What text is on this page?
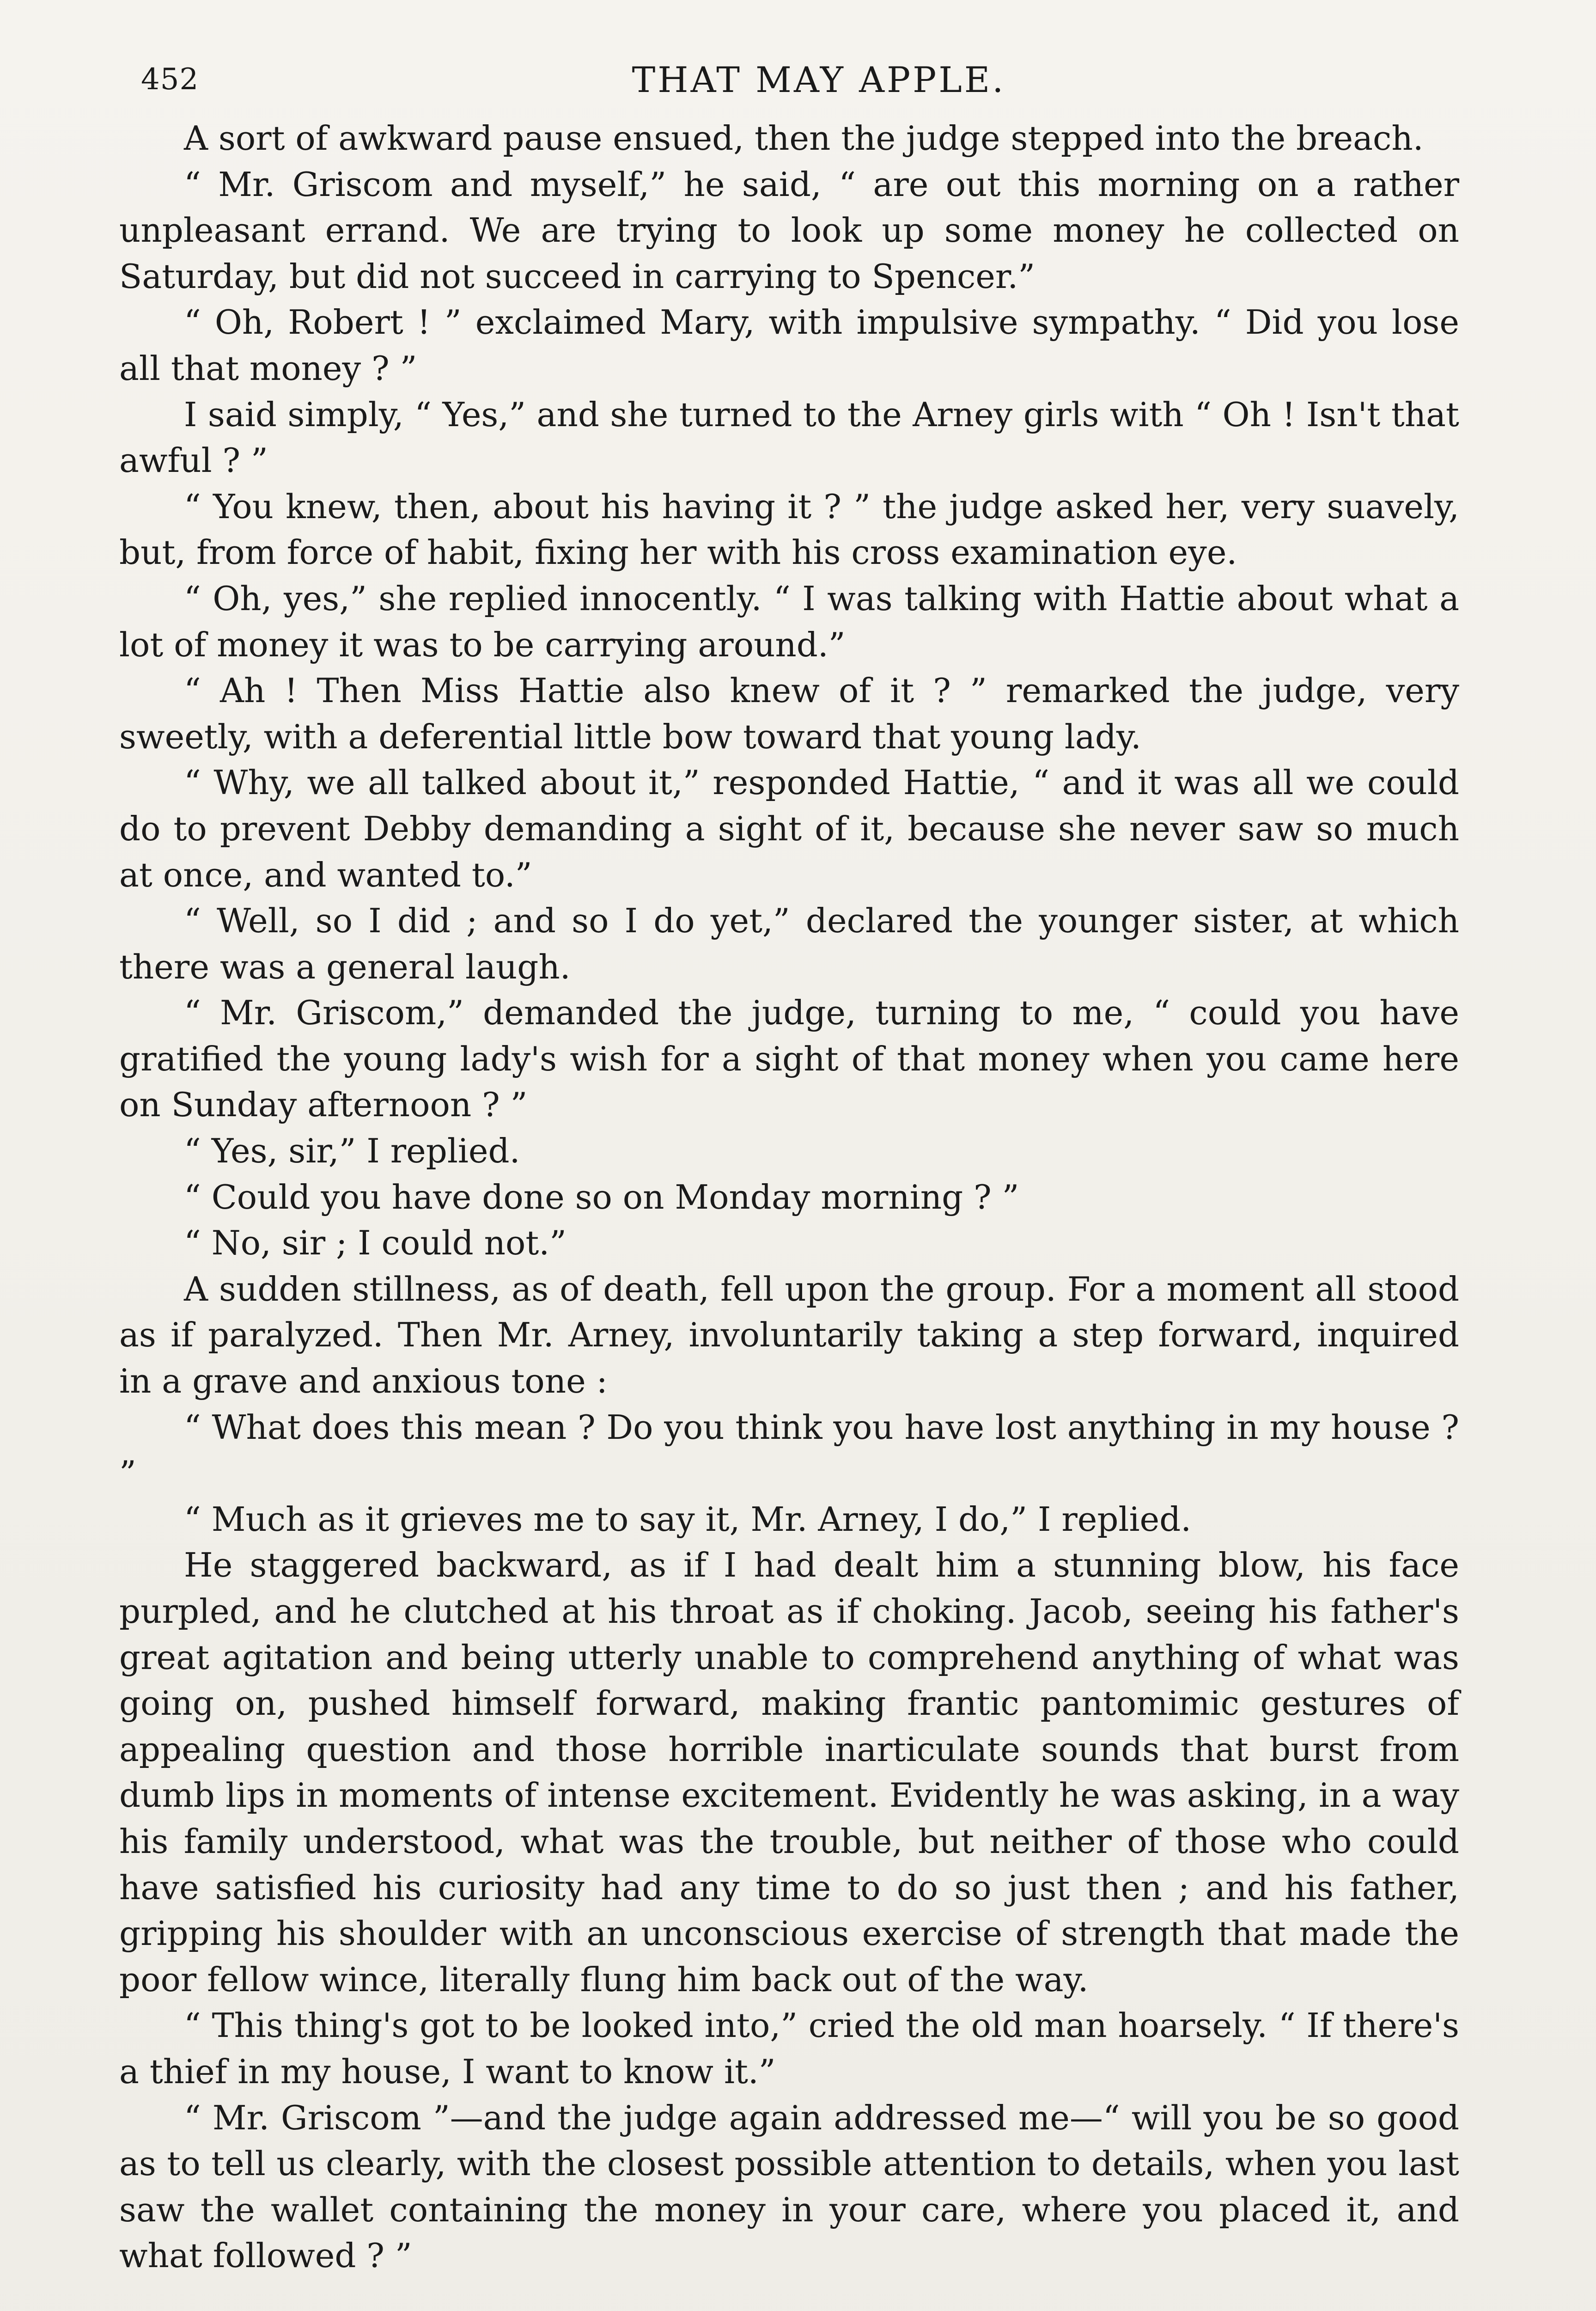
452	THAT MAY APPLE.

A sort of awkward pause ensued, then the judge stepped into the breach.

“ Mr. Griscom and myself,” he said, “ are out this morning on a rather unpleasant errand. We are trying to look up some money he collected on Saturday, but did not succeed in carrying to Spencer.”

“ Oh, Robert ! ” exclaimed Mary, with impulsive sympathy. “ Did you lose all that money ? ”

I said simply, “ Yes,” and she turned to the Arney girls with “ Oh ! Isn't that awful ? ”

“ You knew, then, about his having it ? ” the judge asked her, very suavely, but, from force of habit, fixing her with his cross examination eye.

“ Oh, yes,” she replied innocently. “ I was talking with Hattie about what a lot of money it was to be carrying around.”

“ Ah ! Then Miss Hattie also knew of it ? ” remarked the judge, very sweetly, with a deferential little bow toward that young lady.

“ Why, we all talked about it,” responded Hattie, “ and it was all we could do to prevent Debby demanding a sight of it, because she never saw so much at once, and wanted to.”

“ Well, so I did ; and so I do yet,” declared the younger sister, at which there was a general laugh.

“ Mr. Griscom,” demanded the judge, turning to me, “ could you have gratified the young lady's wish for a sight of that money when you came here on Sunday afternoon ? ”

“ Yes, sir,” I replied.

“ Could you have done so on Monday morning ? ”

“ No, sir ; I could not.”

A sudden stillness, as of death, fell upon the group. For a moment all stood as if paralyzed. Then Mr. Arney, involuntarily taking a step forward, inquired in a grave and anxious tone :

“ What does this mean ? Do you think you have lost anything in my house ? ”

“ Much as it grieves me to say it, Mr. Arney, I do,” I replied.

He staggered backward, as if I had dealt him a stunning blow, his face purpled, and he clutched at his throat as if choking. Jacob, seeing his father's great agitation and being utterly unable to comprehend anything of what was going on, pushed himself forward, making frantic pantomimic gestures of appealing question and those horrible inarticulate sounds that burst from dumb lips in moments of intense excitement. Evidently he was asking, in a way his family understood, what was the trouble, but neither of those who could have satisfied his curiosity had any time to do so just then ; and his father, gripping his shoulder with an unconscious exercise of strength that made the poor fellow wince, literally flung him back out of the way.

“ This thing's got to be looked into,” cried the old man hoarsely. “ If there's a thief in my house, I want to know it.”

“ Mr. Griscom ”—and the judge again addressed me—“ will you be so good as to tell us clearly, with the closest possible attention to details, when you last saw the wallet containing the money in your care, where you placed it, and what followed ? ”
